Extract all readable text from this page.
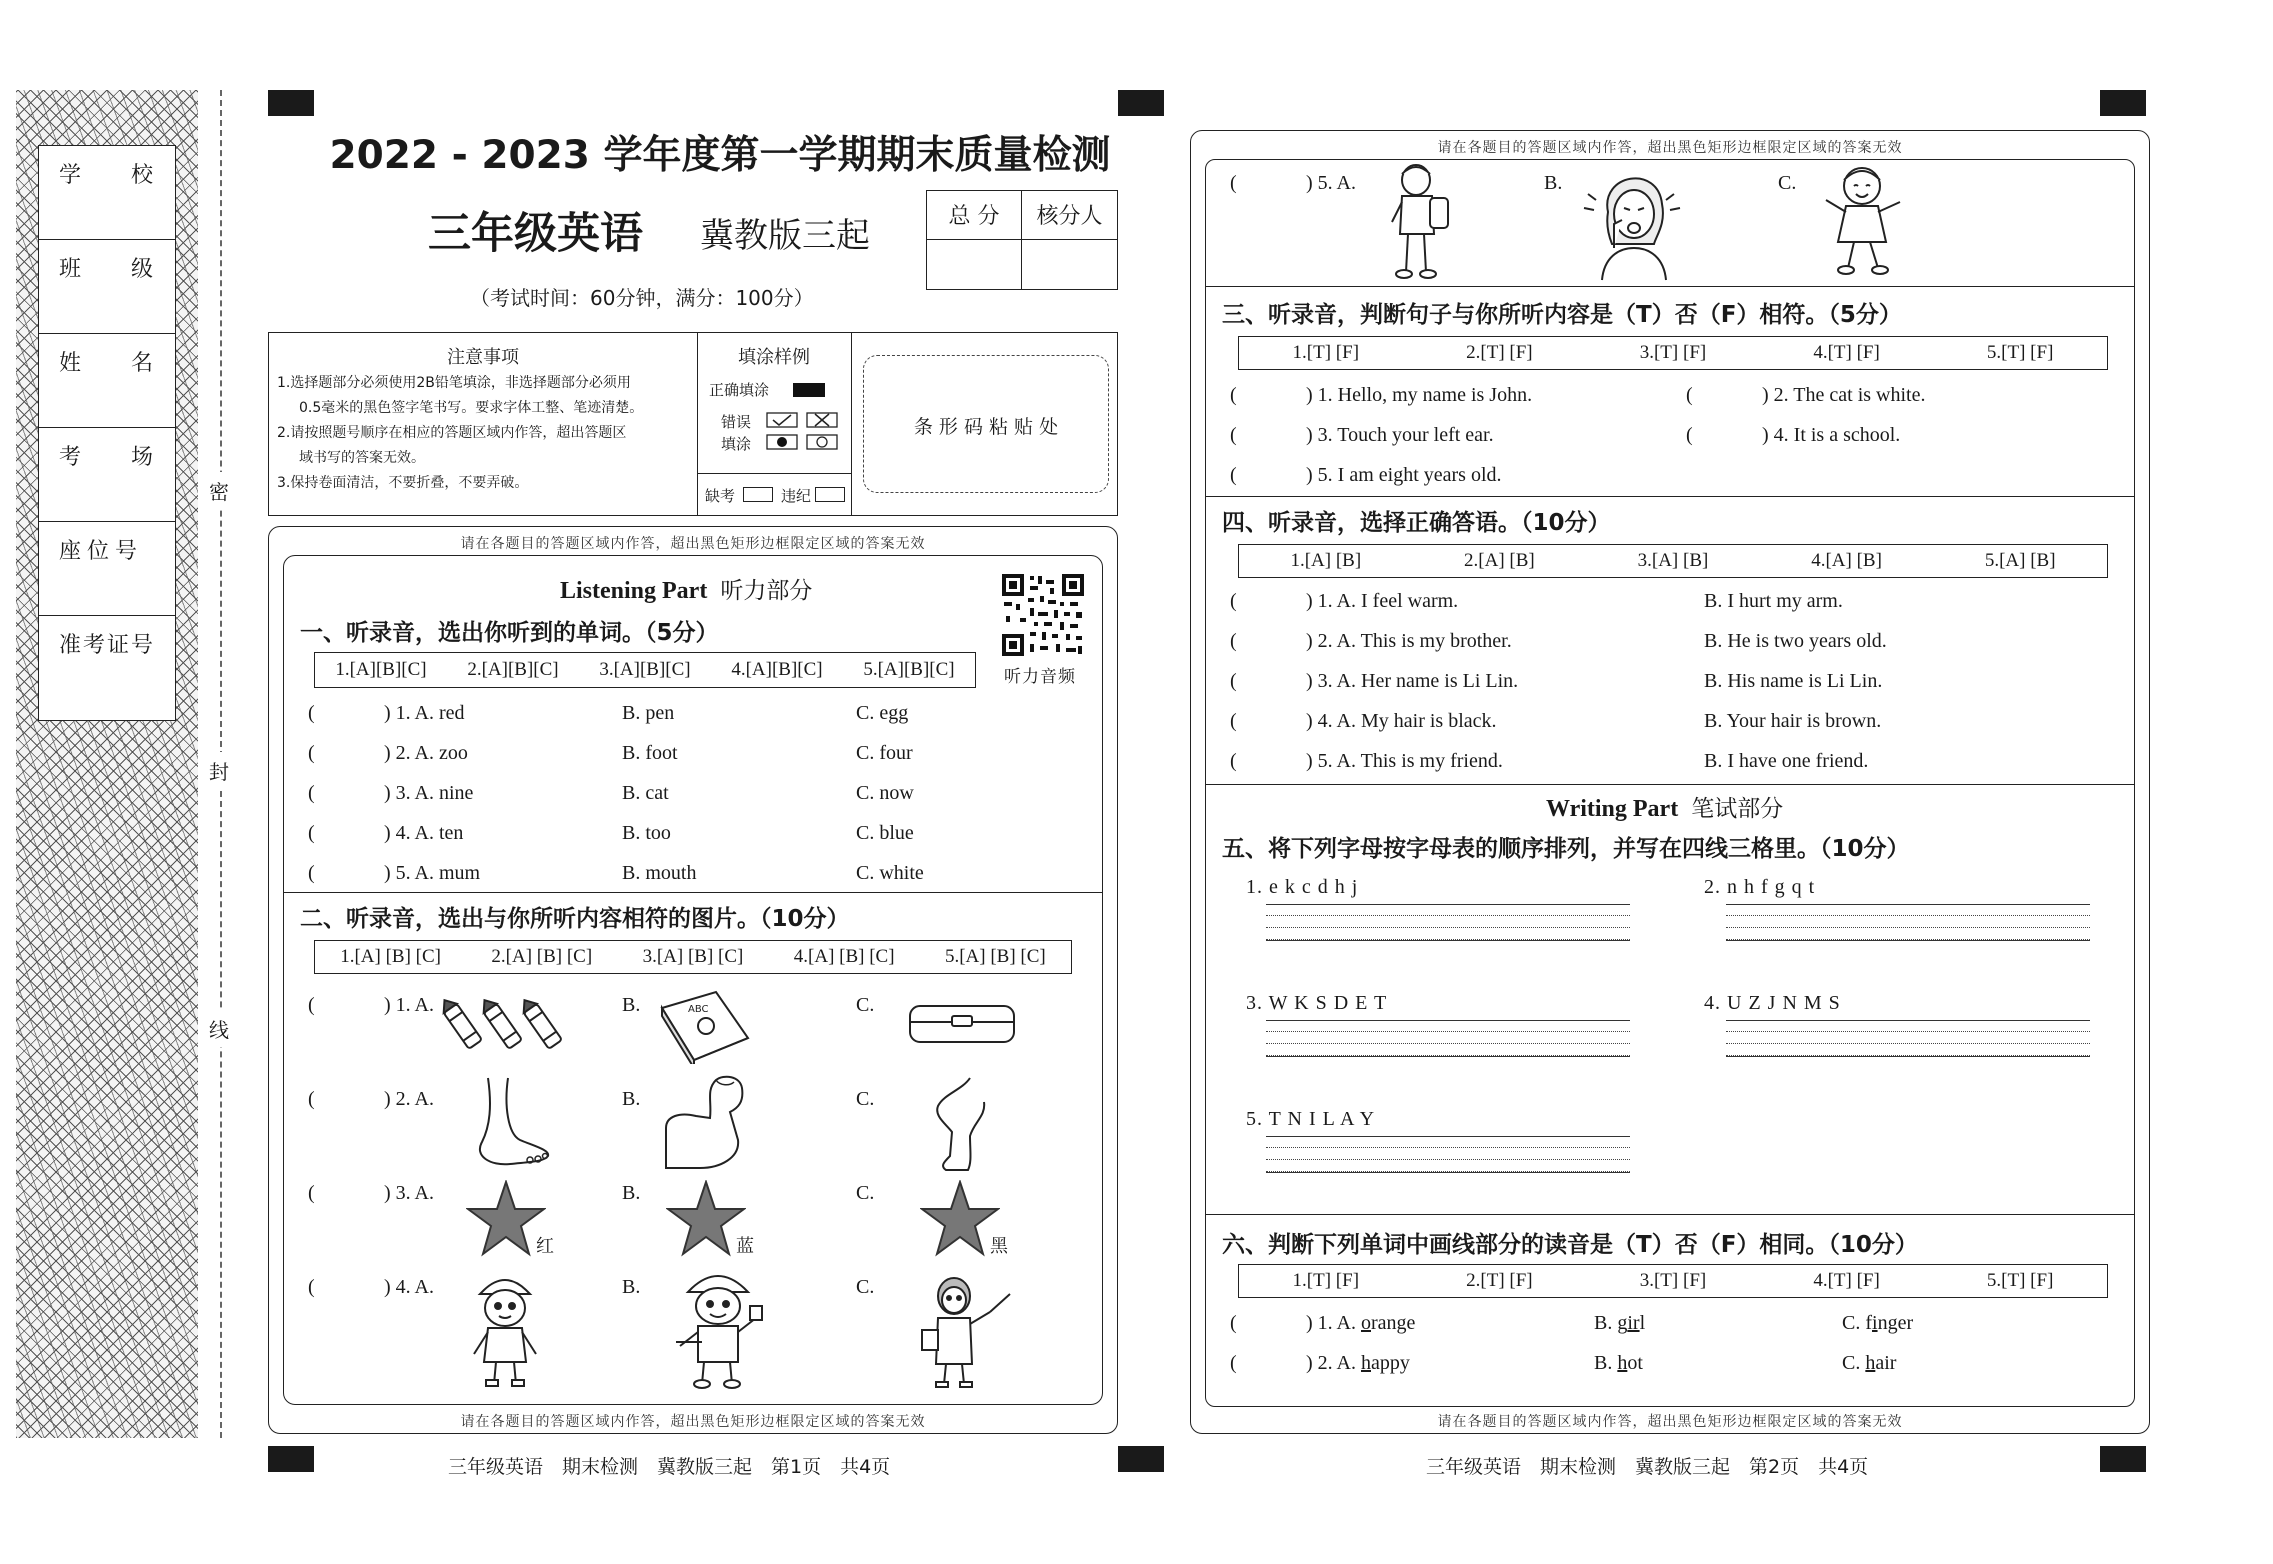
学　校
班　级
姓　名
考　场
座位号
准考证号
密
封
线
2022 - 2023 学年度第一学期期末质量检测
三年级英语 冀教版三起
（考试时间：60分钟，满分：100分）
总 分	核分人
注意事项
1.选择题部分必须使用2B铅笔填涂，非选择题部分必须用
0.5毫米的黑色签字笔书写。要求字体工整、笔迹清楚。
2.请按照题号顺序在相应的答题区域内作答，超出答题区
域书写的答案无效。
3.保持卷面清洁，不要折叠，不要弄破。
填涂样例
正确填涂
错误
填涂
缺考	违纪
条 形 码 粘 贴 处
请在各题目的答题区域内作答，超出黑色矩形边框限定区域的答案无效
请在各题目的答题区域内作答，超出黑色矩形边框限定区域的答案无效
Listening Part 听力部分
听力音频
一、听录音，选出你听到的单词。（5分）
1.[A][B][C] 2.[A][B][C] 3.[A][B][C] 4.[A][B][C] 5.[A][B][C]
(	) 1. A. red	B. pen	C. egg
(	) 2. A. zoo	B. foot	C. four
(	) 3. A. nine	B. cat	C. now
(	) 4. A. ten	B. too	C. blue
(	) 5. A. mum	B. mouth	C. white
二、听录音，选出与你所听内容相符的图片。（10分）
1.[A] [B] [C]	2.[A] [B] [C]	3.[A] [B] [C]	4.[A] [B] [C]	5.[A] [B] [C]
(	) 1. A.	B.	C.
(	) 2. A.	B.	C.
(	) 3. A.	B.	C.
(	) 4. A.	B.	C.
ABC
红	蓝	黑
请在各题目的答题区域内作答，超出黑色矩形边框限定区域的答案无效
请在各题目的答题区域内作答，超出黑色矩形边框限定区域的答案无效
(	) 5. A.	B.	C.
三、听录音，判断句子与你所听内容是（T）否（F）相符。（5分）
1.[T] [F]	2.[T] [F]	3.[T] [F]	4.[T] [F]	5.[T] [F]
(	) 1. Hello, my name is John.	(	) 2. The cat is white.
(	) 3. Touch your left ear.	(	) 4. It is a school.
(	) 5. I am eight years old.
四、听录音，选择正确答语。（10分）
1.[A] [B]	2.[A] [B]	3.[A] [B]	4.[A] [B]	5.[A] [B]
(	) 1. A. I feel warm.	B. I hurt my arm.
(	) 2. A. This is my brother.	B. He is two years old.
(	) 3. A. Her name is Li Lin.	B. His name is Li Lin.
(	) 4. A. My hair is black.	B. Your hair is brown.
(	) 5. A. This is my friend.	B. I have one friend.
Writing Part 笔试部分
五、将下列字母按字母表的顺序排列，并写在四线三格里。（10分）
1. e k c d h j	2. n h f g q t
3. W K S D E T	4. U Z J N M S
5. T N I L A Y
六、判断下列单词中画线部分的读音是（T）否（F）相同。（10分）
1.[T] [F]	2.[T] [F]	3.[T] [F]	4.[T] [F]	5.[T] [F]
(	) 1. A. orange	B. girl	C. finger
(	) 2. A. happy	B. hot	C. hair
三年级英语　期末检测　冀教版三起　第1页　共4页	三年级英语　期末检测　冀教版三起　第2页　共4页
